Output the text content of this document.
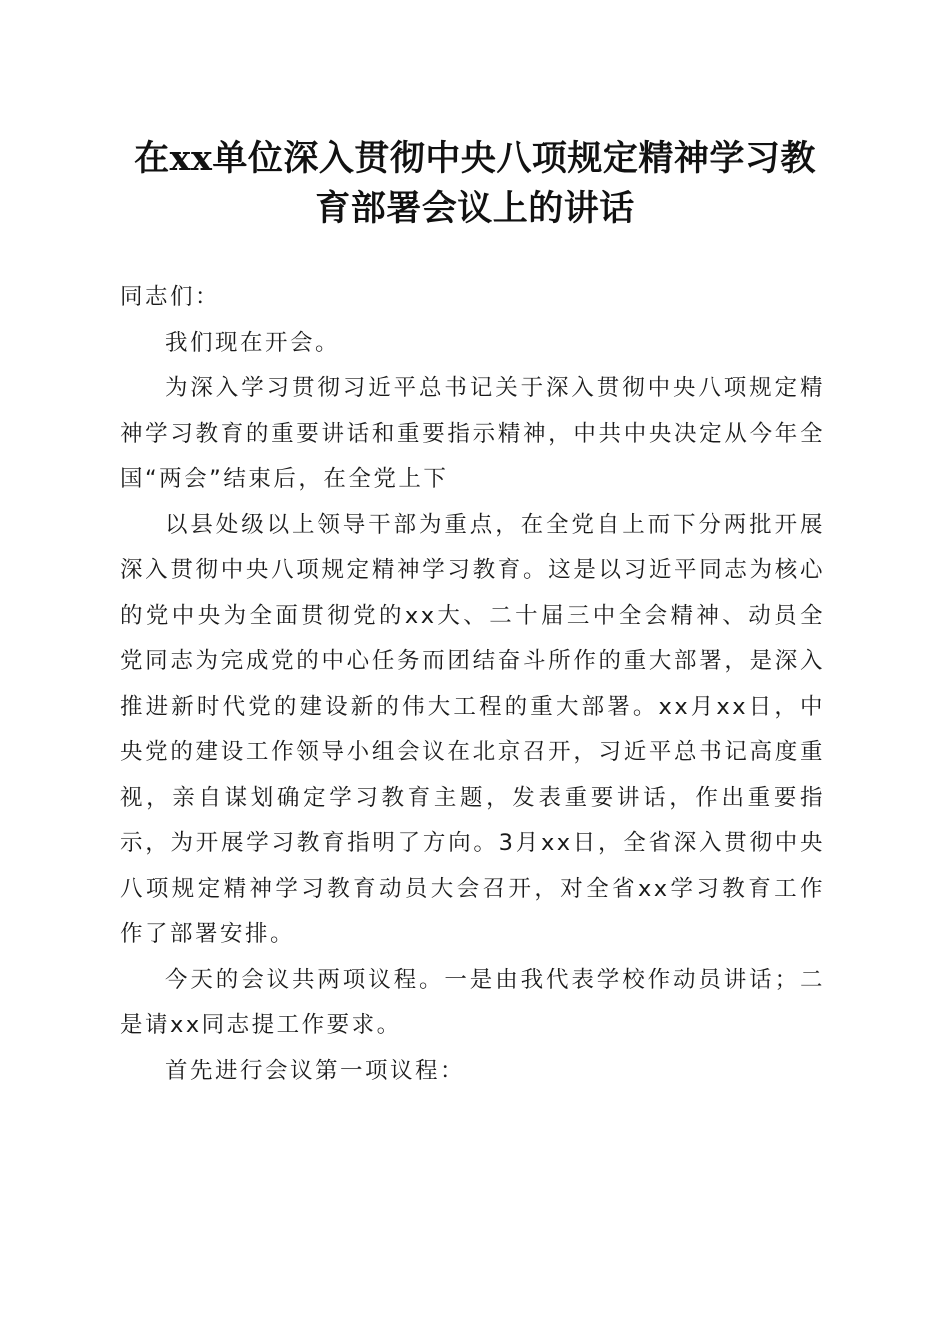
在xx单位深入贯彻中央八项规定精神学习教
育部署会议上的讲话

同志们：

我们现在开会。

为深入学习贯彻习近平总书记关于深入贯彻中央八项规定精神学习教育的重要讲话和重要指示精神，中共中央决定从今年全国“两会”结束后，在全党上下

以县处级以上领导干部为重点，在全党自上而下分两批开展深入贯彻中央八项规定精神学习教育。这是以习近平同志为核心的党中央为全面贯彻党的xx大、二十届三中全会精神、动员全党同志为完成党的中心任务而团结奋斗所作的重大部署，是深入推进新时代党的建设新的伟大工程的重大部署。xx月xx日，中央党的建设工作领导小组会议在北京召开，习近平总书记高度重视，亲自谋划确定学习教育主题，发表重要讲话，作出重要指示，为开展学习教育指明了方向。3月xx日，全省深入贯彻中央八项规定精神学习教育动员大会召开，对全省xx学习教育工作作了部署安排。

今天的会议共两项议程。一是由我代表学校作动员讲话；二是请xx同志提工作要求。

首先进行会议第一项议程：
